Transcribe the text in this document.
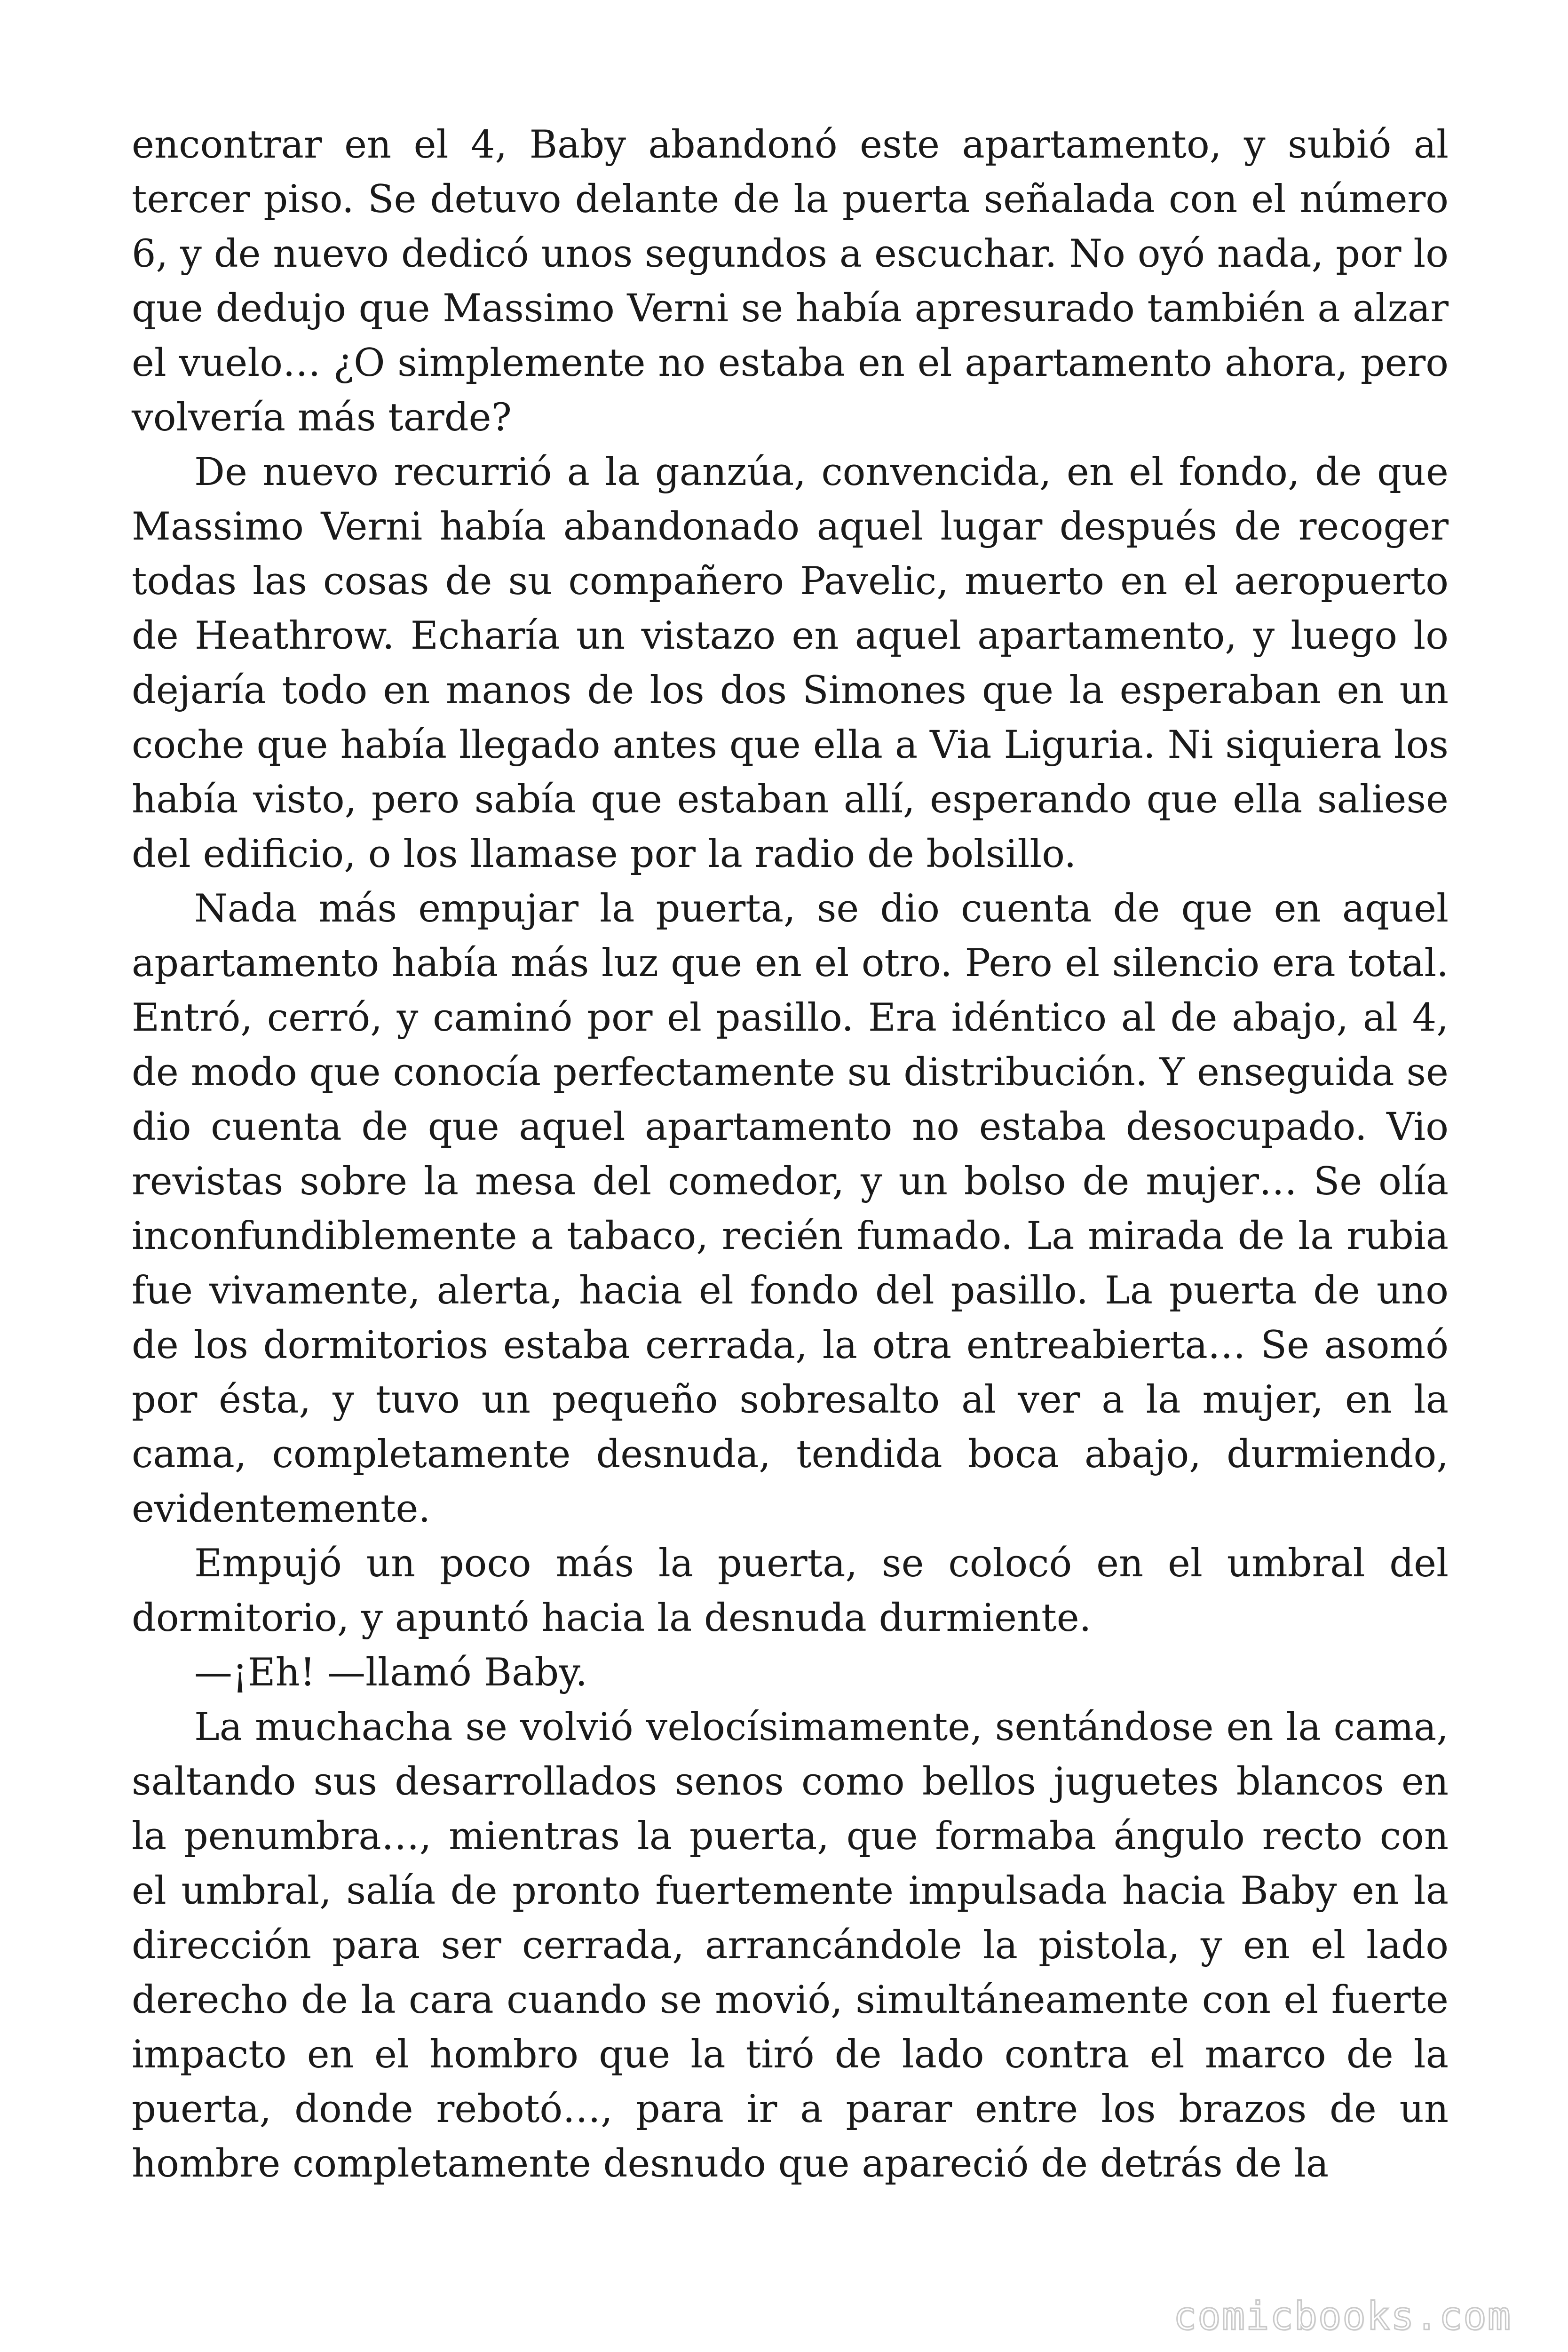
encontrar en el 4, Baby abandonó este apartamento, y subió al tercer piso. Se detuvo delante de la puerta señalada con el número 6, y de nuevo dedicó unos segundos a escuchar. No oyó nada, por lo que dedujo que Massimo Verni se había apresurado también a alzar el vuelo… ¿O simplemente no estaba en el apartamento ahora, pero volvería más tarde?

De nuevo recurrió a la ganzúa, convencida, en el fondo, de que Massimo Verni había abandonado aquel lugar después de recoger todas las cosas de su compañero Pavelic, muerto en el aeropuerto de Heathrow. Echaría un vistazo en aquel apartamento, y luego lo dejaría todo en manos de los dos Simones que la esperaban en un coche que había llegado antes que ella a Via Liguria. Ni siquiera los había visto, pero sabía que estaban allí, esperando que ella saliese del edificio, o los llamase por la radio de bolsillo.

Nada más empujar la puerta, se dio cuenta de que en aquel apartamento había más luz que en el otro. Pero el silencio era total. Entró, cerró, y caminó por el pasillo. Era idéntico al de abajo, al 4, de modo que conocía perfectamente su distribución. Y enseguida se dio cuenta de que aquel apartamento no estaba desocupado. Vio revistas sobre la mesa del comedor, y un bolso de mujer… Se olía inconfundiblemente a tabaco, recién fumado. La mirada de la rubia fue vivamente, alerta, hacia el fondo del pasillo. La puerta de uno de los dormitorios estaba cerrada, la otra entreabierta… Se asomó por ésta, y tuvo un pequeño sobresalto al ver a la mujer, en la cama, completamente desnuda, tendida boca abajo, durmiendo, evidentemente.

Empujó un poco más la puerta, se colocó en el umbral del dormitorio, y apuntó hacia la desnuda durmiente.

—¡Eh! —llamó Baby.

La muchacha se volvió velocísimamente, sentándose en la cama, saltando sus desarrollados senos como bellos juguetes blancos en la penumbra…, mientras la puerta, que formaba ángulo recto con el umbral, salía de pronto fuertemente impulsada hacia Baby en la dirección para ser cerrada, arrancándole la pistola, y en el lado derecho de la cara cuando se movió, simultáneamente con el fuerte impacto en el hombro que la tiró de lado contra el marco de la puerta, donde rebotó…, para ir a parar entre los brazos de un hombre completamente desnudo que apareció de detrás de la

comicbooks.com
